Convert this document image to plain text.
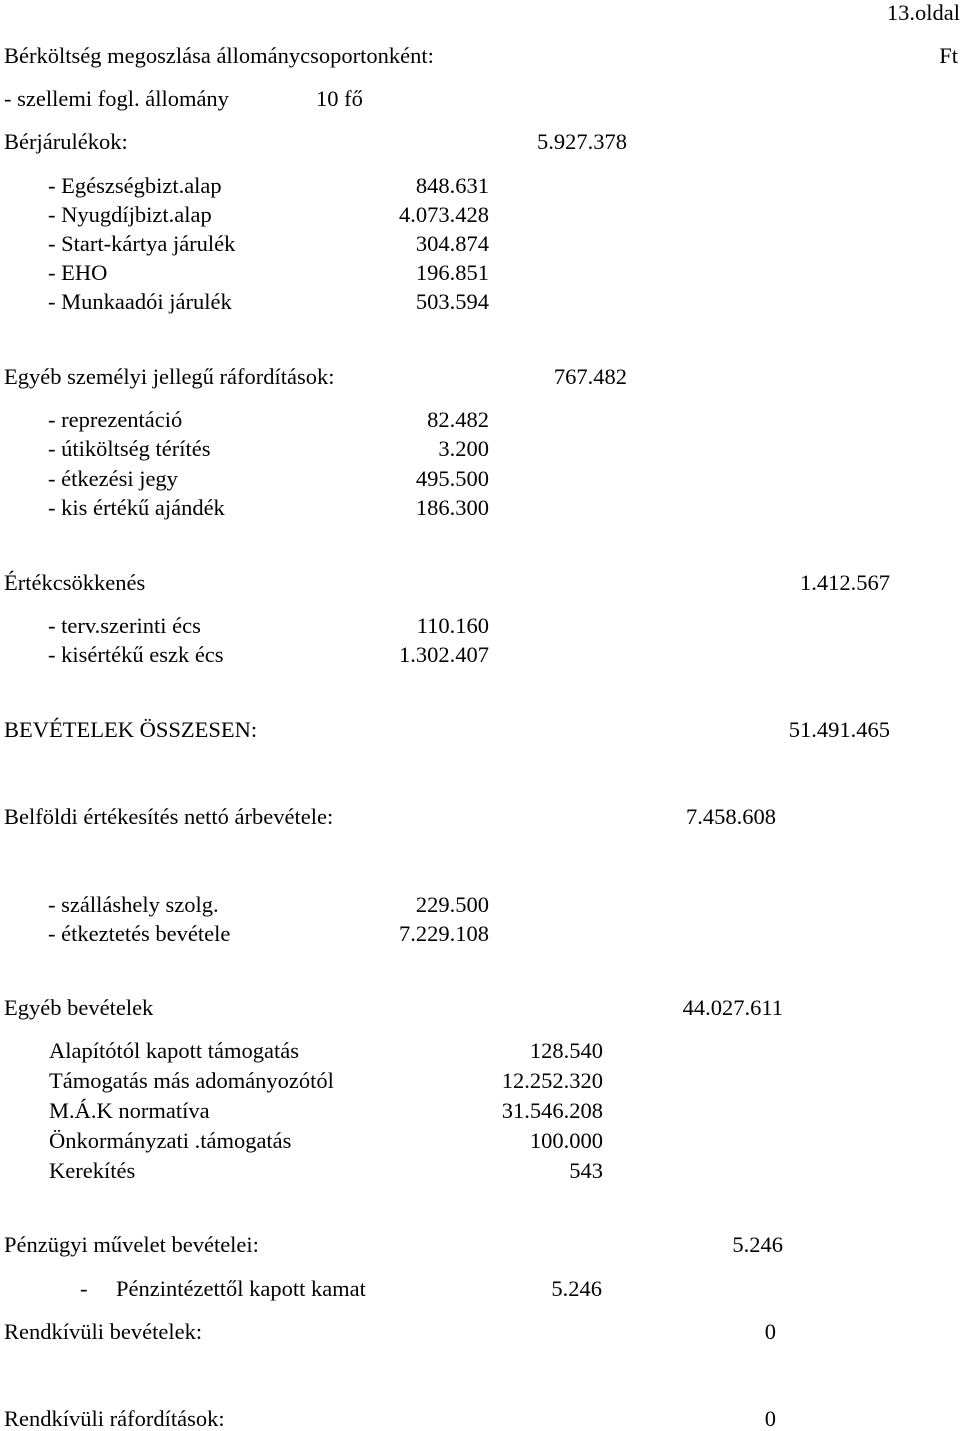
13.oldal
Bérköltség megoszlása állománycsoportonként:	Ft
- szellemi fogl. állomány	10 fő
Bérjárulékok:	5.927.378
- Egészségbizt.alap	848.631
- Nyugdíjbizt.alap	4.073.428
- Start-kártya járulék	304.874
- EHO	196.851
- Munkaadói járulék	503.594
Egyéb személyi jellegű ráfordítások:	767.482
- reprezentáció	82.482
- útiköltség térítés	3.200
- étkezési jegy	495.500
- kis értékű ajándék	186.300
Értékcsökkenés	1.412.567
- terv.szerinti écs	110.160
- kisértékű eszk écs	1.302.407
BEVÉTELEK ÖSSZESEN:	51.491.465
Belföldi értékesítés nettó árbevétele:	7.458.608
- szálláshely szolg.	229.500
- étkeztetés bevétele	7.229.108
Egyéb bevételek	44.027.611
Alapítótól kapott támogatás	128.540
Támogatás más adományozótól	12.252.320
M.Á.K normatíva	31.546.208
Önkormányzati .támogatás	100.000
Kerekítés	543
Pénzügyi művelet bevételei:	5.246
- Pénzintézettől kapott kamat	5.246
Rendkívüli bevételek:	0
Rendkívüli ráfordítások:	0
